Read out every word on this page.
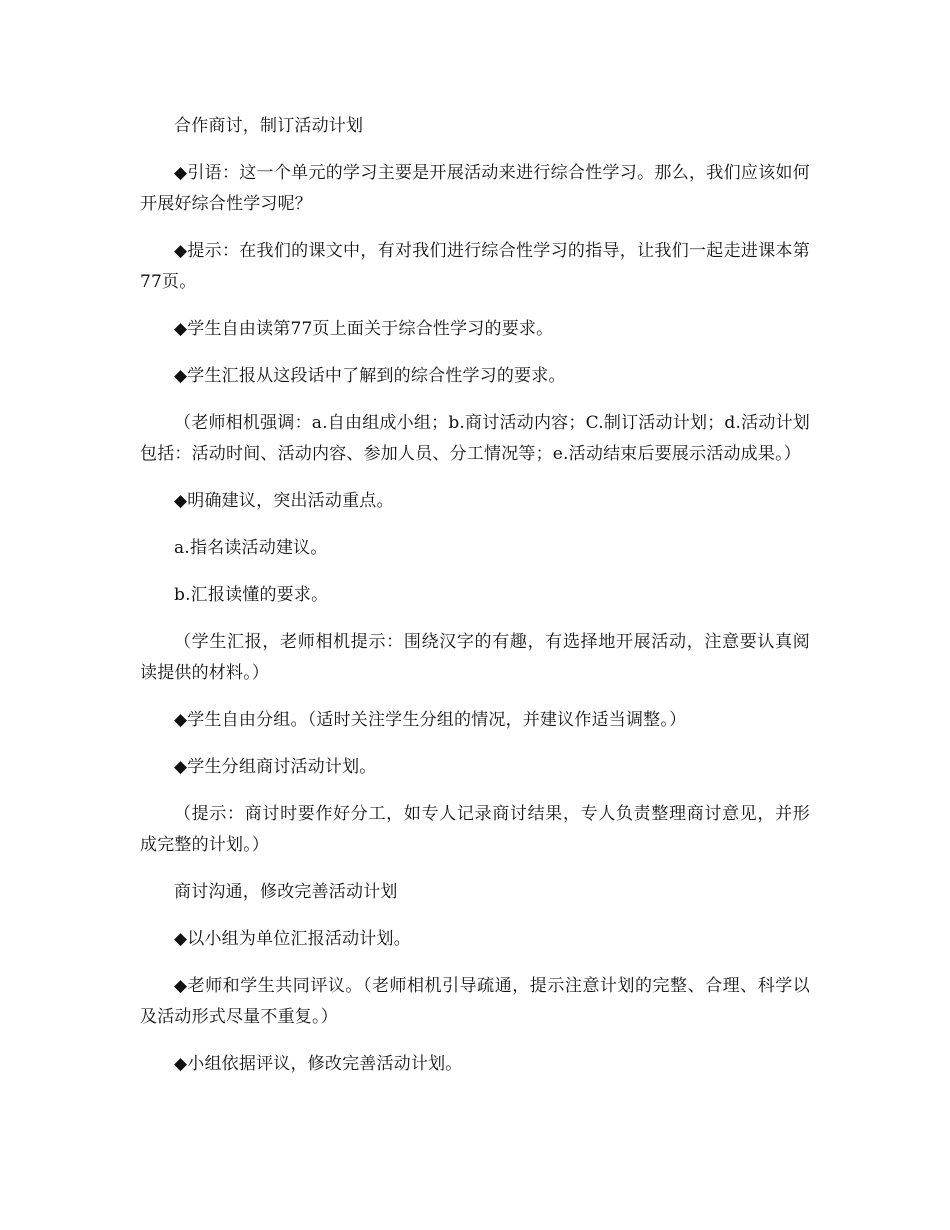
合作商讨，制订活动计划

◆引语：这一个单元的学习主要是开展活动来进行综合性学习。那么，我们应该如何开展好综合性学习呢？

◆提示：在我们的课文中，有对我们进行综合性学习的指导，让我们一起走进课本第77页。

◆学生自由读第77页上面关于综合性学习的要求。

◆学生汇报从这段话中了解到的综合性学习的要求。

（老师相机强调：a.自由组成小组；b.商讨活动内容；C.制订活动计划；d.活动计划包括：活动时间、活动内容、参加人员、分工情况等；e.活动结束后要展示活动成果。）

◆明确建议，突出活动重点。

a.指名读活动建议。

b.汇报读懂的要求。

（学生汇报，老师相机提示：围绕汉字的有趣，有选择地开展活动，注意要认真阅读提供的材料。）

◆学生自由分组。（适时关注学生分组的情况，并建议作适当调整。）

◆学生分组商讨活动计划。

（提示：商讨时要作好分工，如专人记录商讨结果，专人负责整理商讨意见，并形成完整的计划。）

商讨沟通，修改完善活动计划

◆以小组为单位汇报活动计划。

◆老师和学生共同评议。（老师相机引导疏通，提示注意计划的完整、合理、科学以及活动形式尽量不重复。）

◆小组依据评议，修改完善活动计划。
